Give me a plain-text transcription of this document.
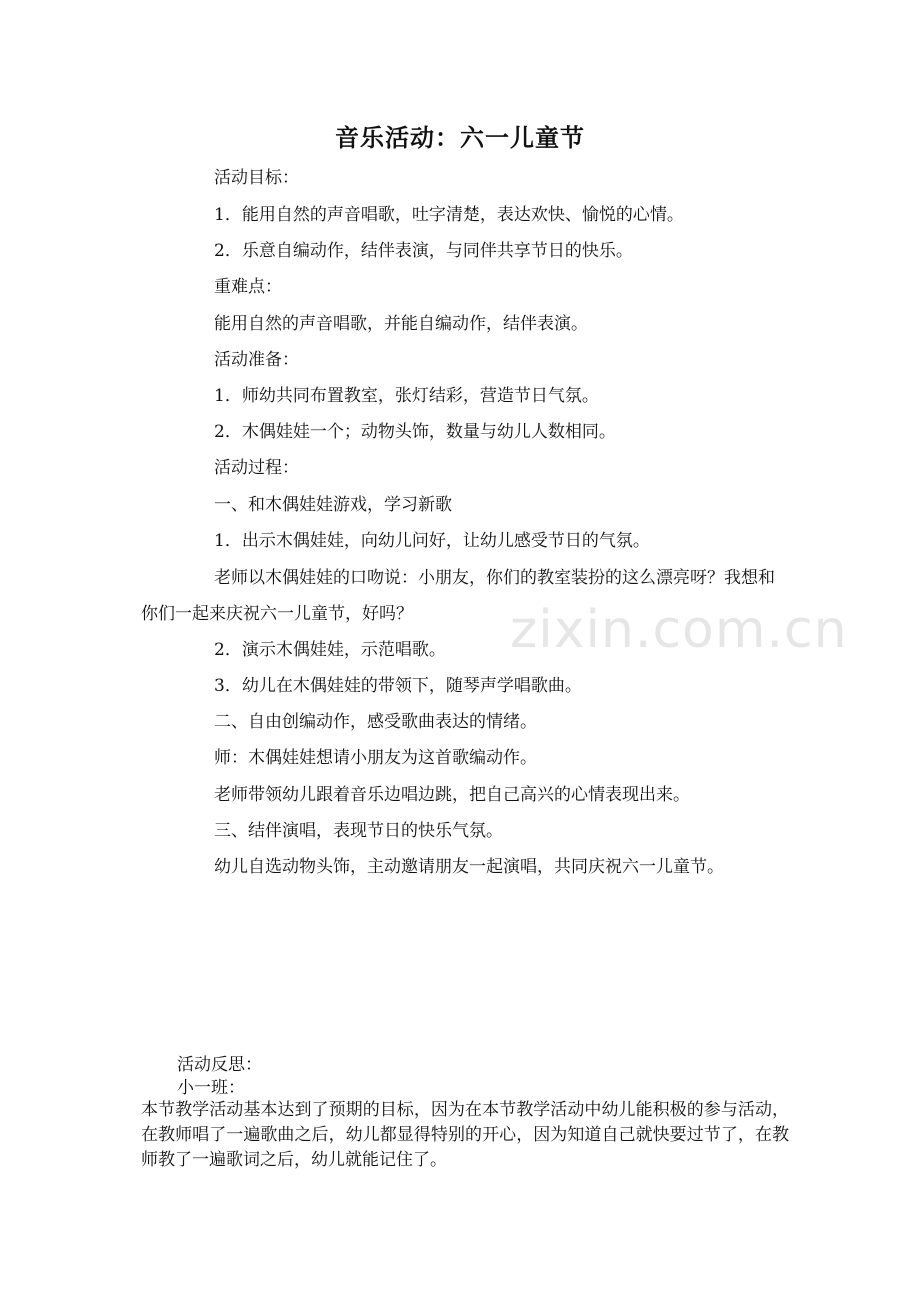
音乐活动：六一儿童节
活动目标：
1．能用自然的声音唱歌，吐字清楚，表达欢快、愉悦的心情。
2．乐意自编动作，结伴表演，与同伴共享节日的快乐。
重难点：
能用自然的声音唱歌，并能自编动作，结伴表演。
活动准备：
1．师幼共同布置教室，张灯结彩，营造节日气氛。
2．木偶娃娃一个；动物头饰，数量与幼儿人数相同。
活动过程：
一、和木偶娃娃游戏，学习新歌
1．出示木偶娃娃，向幼儿问好，让幼儿感受节日的气氛。
老师以木偶娃娃的口吻说：小朋友，你们的教室装扮的这么漂亮呀？我想和你们一起来庆祝六一儿童节，好吗？
2．演示木偶娃娃，示范唱歌。
3．幼儿在木偶娃娃的带领下，随琴声学唱歌曲。
二、自由创编动作，感受歌曲表达的情绪。
师：木偶娃娃想请小朋友为这首歌编动作。
老师带领幼儿跟着音乐边唱边跳，把自己高兴的心情表现出来。
三、结伴演唱，表现节日的快乐气氛。
幼儿自选动物头饰，主动邀请朋友一起演唱，共同庆祝六一儿童节。
zixin.com.cn
活动反思：
小一班：
本节教学活动基本达到了预期的目标，因为在本节教学活动中幼儿能积极的参与活动，在教师唱了一遍歌曲之后，幼儿都显得特别的开心，因为知道自己就快要过节了，在教师教了一遍歌词之后，幼儿就能记住了。
